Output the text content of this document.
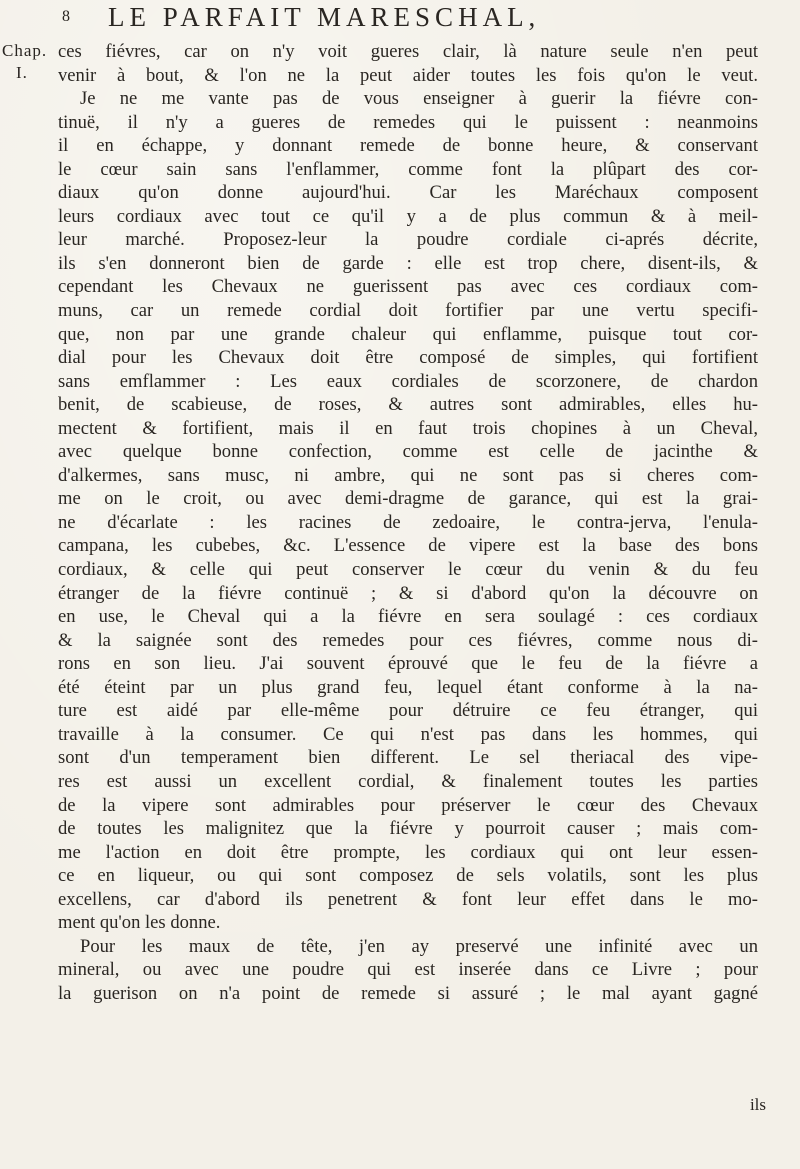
8 LE PARFAIT MARESCHAL,
Chap.
I.
ces fiévres, car on n'y voit gueres clair, là nature seule n'en peut
venir à bout, & l'on ne la peut aider toutes les fois qu'on le veut.
Je ne me vante pas de vous enseigner à guerir la fiévre con-
tinuë, il n'y a gueres de remedes qui le puissent : neanmoins
il en échappe, y donnant remede de bonne heure, & conservant
le cœur sain sans l'enflammer, comme font la plûpart des cor-
diaux qu'on donne aujourd'hui. Car les Maréchaux composent
leurs cordiaux avec tout ce qu'il y a de plus commun & à meil-
leur marché. Proposez-leur la poudre cordiale ci-aprés décrite,
ils s'en donneront bien de garde : elle est trop chere, disent-ils, &
cependant les Chevaux ne guerissent pas avec ces cordiaux com-
muns, car un remede cordial doit fortifier par une vertu specifi-
que, non par une grande chaleur qui enflamme, puisque tout cor-
dial pour les Chevaux doit être composé de simples, qui fortifient
sans emflammer : Les eaux cordiales de scorzonere, de chardon
benit, de scabieuse, de roses, & autres sont admirables, elles hu-
mectent & fortifient, mais il en faut trois chopines à un Cheval,
avec quelque bonne confection, comme est celle de jacinthe &
d'alkermes, sans musc, ni ambre, qui ne sont pas si cheres com-
me on le croit, ou avec demi-dragme de garance, qui est la grai-
ne d'écarlate : les racines de zedoaire, le contra-jerva, l'enula-
campana, les cubebes, &c. L'essence de vipere est la base des bons
cordiaux, & celle qui peut conserver le cœur du venin & du feu
étranger de la fiévre continuë ; & si d'abord qu'on la découvre on
en use, le Cheval qui a la fiévre en sera soulagé : ces cordiaux
& la saignée sont des remedes pour ces fiévres, comme nous di-
rons en son lieu. J'ai souvent éprouvé que le feu de la fiévre a
été éteint par un plus grand feu, lequel étant conforme à la na-
ture est aidé par elle-même pour détruire ce feu étranger, qui
travaille à la consumer. Ce qui n'est pas dans les hommes, qui
sont d'un temperament bien different. Le sel theriacal des vipe-
res est aussi un excellent cordial, & finalement toutes les parties
de la vipere sont admirables pour préserver le cœur des Chevaux
de toutes les malignitez que la fiévre y pourroit causer ; mais com-
me l'action en doit être prompte, les cordiaux qui ont leur essen-
ce en liqueur, ou qui sont composez de sels volatils, sont les plus
excellens, car d'abord ils penetrent & font leur effet dans le mo-
ment qu'on les donne.
Pour les maux de tête, j'en ay preservé une infinité avec un
mineral, ou avec une poudre qui est inserée dans ce Livre ; pour
la guerison on n'a point de remede si assuré ; le mal ayant gagné
ils
